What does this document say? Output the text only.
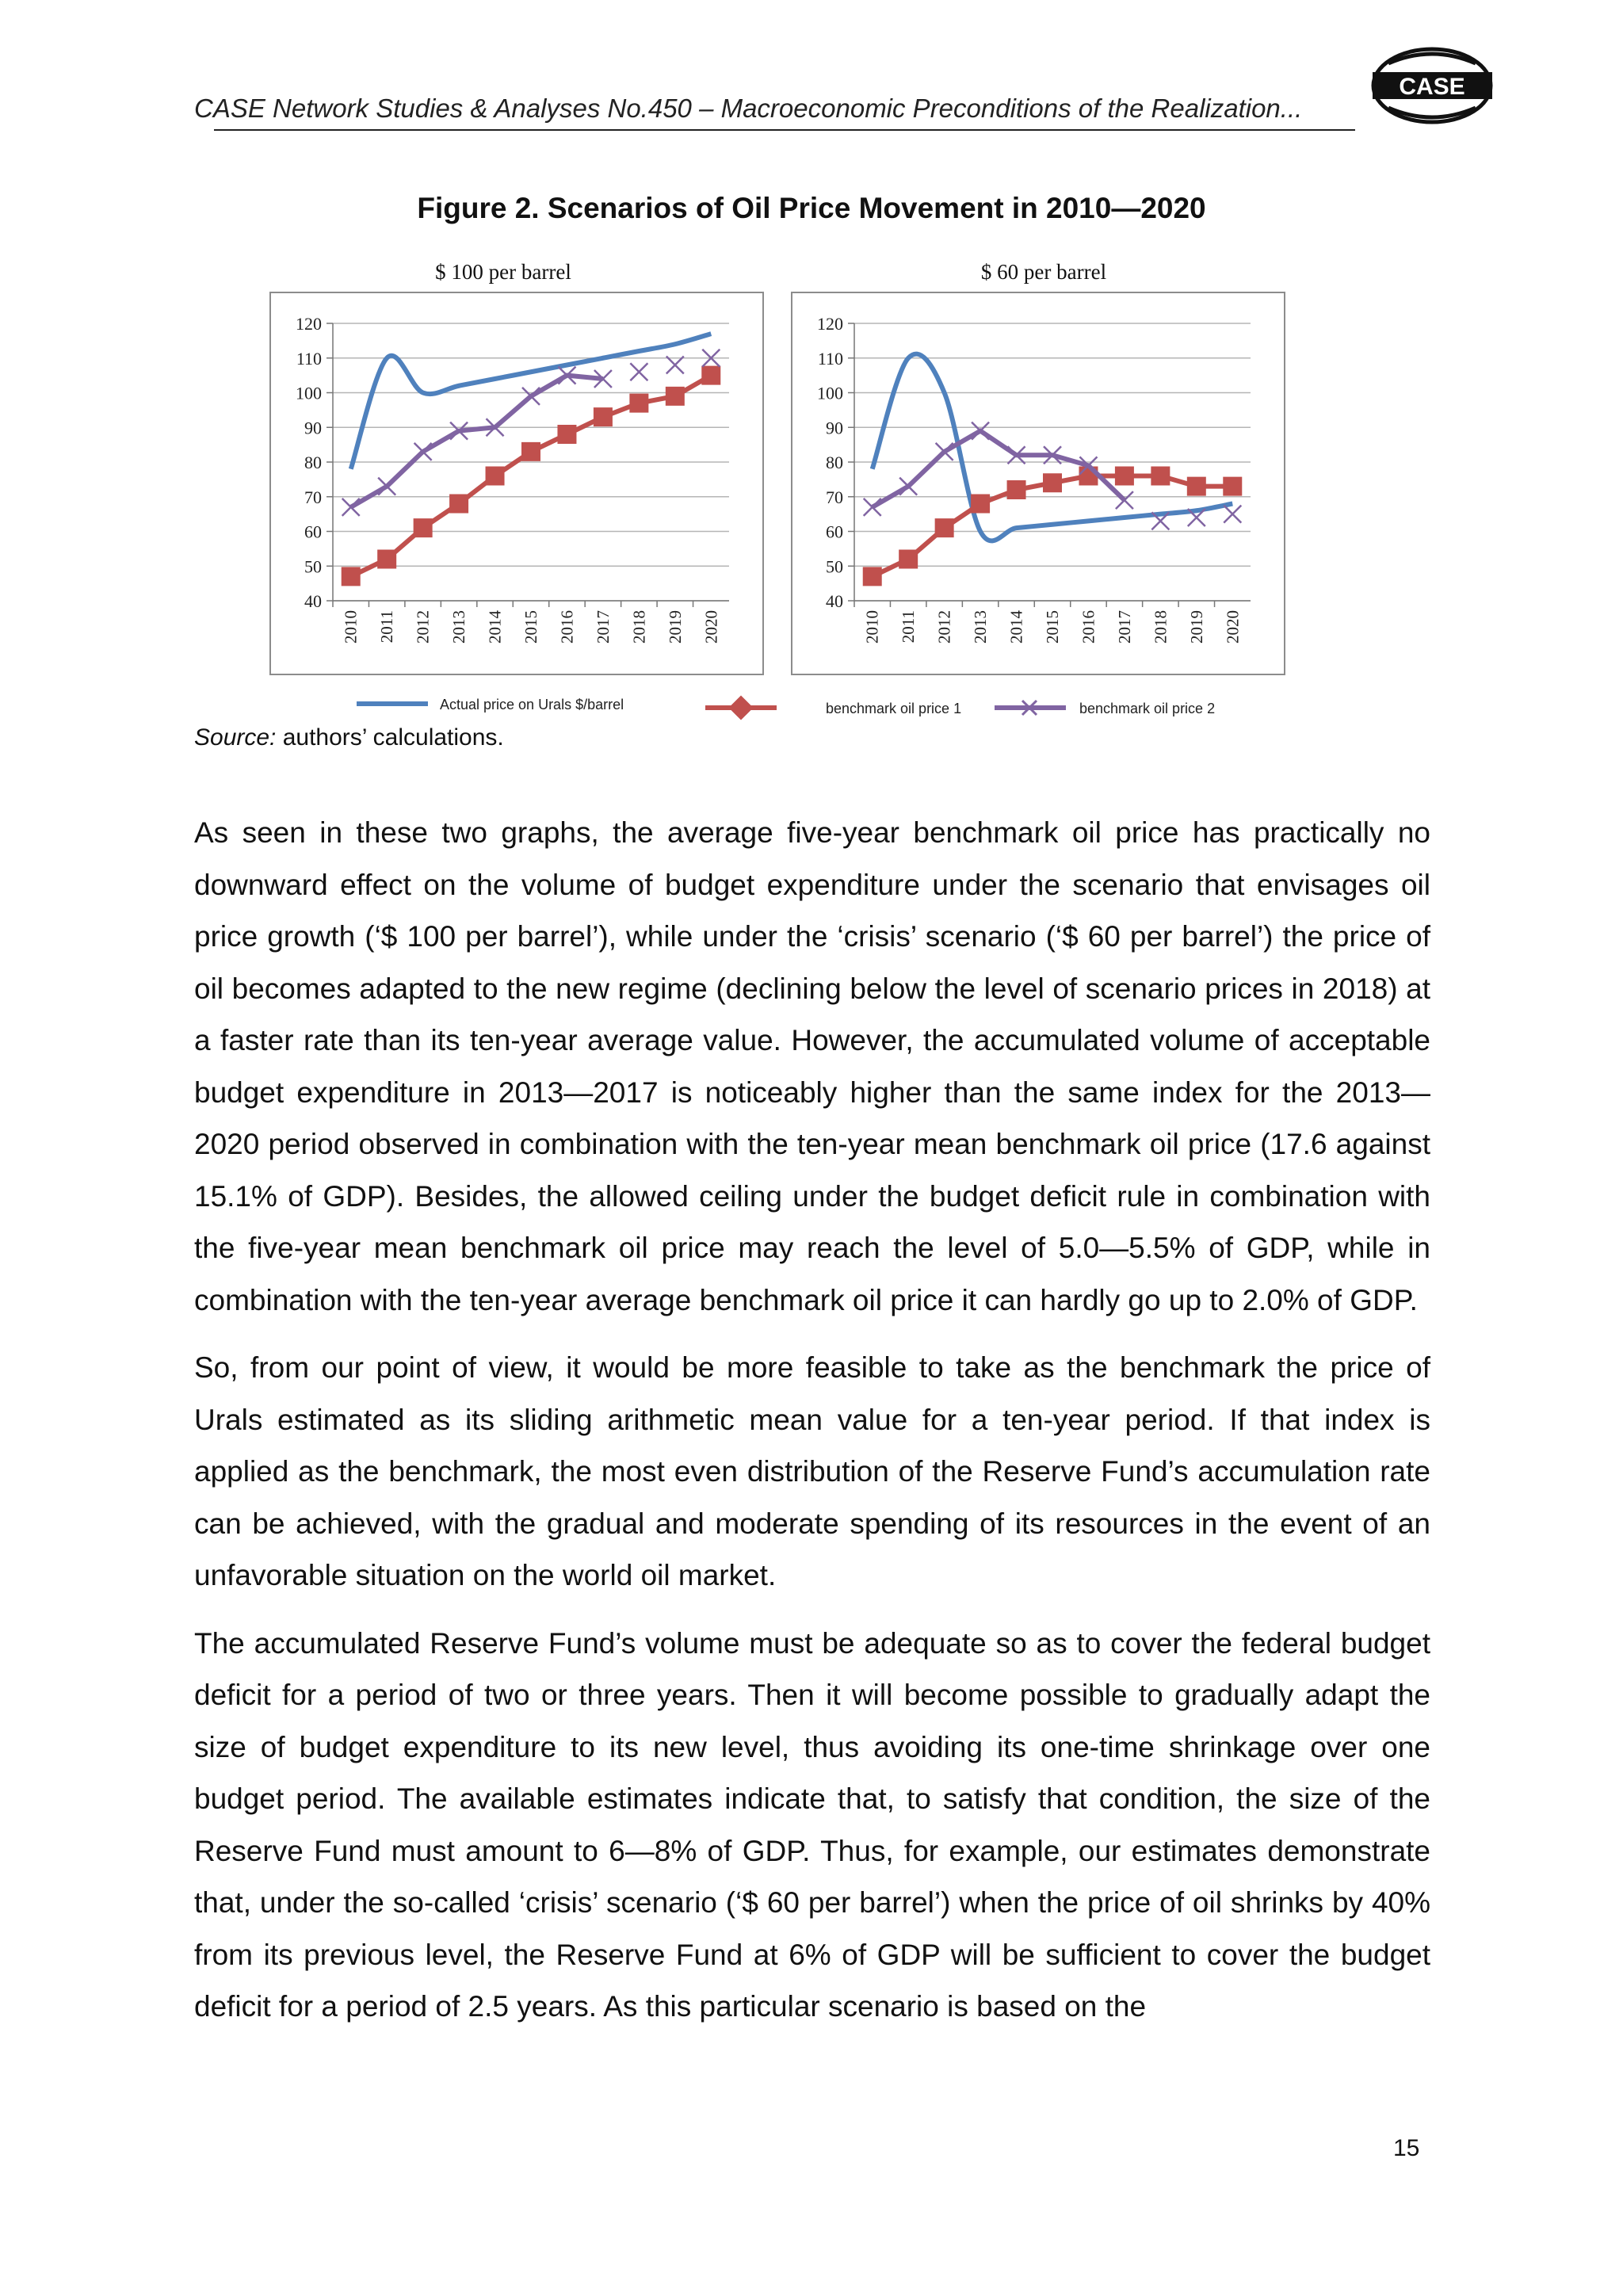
CASE Network Studies & Analyses No.450 – Macroeconomic Preconditions of the Realization...
CASE
Figure 2. Scenarios of Oil Price Movement in 2010—2020
$ 100 per barrel	$ 60 per barrel
40
50
60
70
80
90
100
110
120
2010 2011 2012 2013 2014 2015 2016 2017 2018 2019 2020
40
50
60
70
80
90
100
110
120
2010 2011 2012 2013 2014 2015 2016 2017 2018 2019 2020
Actual price on Urals $/barrel	benchmark oil price 1	benchmark oil price 2
Source: authors’ calculations.

As seen in these two graphs, the average five-year benchmark oil price has practically no downward effect on the volume of budget expenditure under the scenario that envisages oil price growth (‘$ 100 per barrel’), while under the ‘crisis’ scenario (‘$ 60 per barrel’) the price of oil becomes adapted to the new regime (declining below the level of scenario prices in 2018) at a faster rate than its ten-year average value. However, the accumulated volume of acceptable budget expenditure in 2013—2017 is noticeably higher than the same index for the 2013—2020 period observed in combination with the ten-year mean benchmark oil price (17.6 against 15.1% of GDP). Besides, the allowed ceiling under the budget deficit rule in combination with the five-year mean benchmark oil price may reach the level of 5.0—5.5% of GDP, while in combination with the ten-year average benchmark oil price it can hardly go up to 2.0% of GDP.

So, from our point of view, it would be more feasible to take as the benchmark the price of Urals estimated as its sliding arithmetic mean value for a ten-year period. If that index is applied as the benchmark, the most even distribution of the Reserve Fund’s accumulation rate can be achieved, with the gradual and moderate spending of its resources in the event of an unfavorable situation on the world oil market.

The accumulated Reserve Fund’s volume must be adequate so as to cover the federal budget deficit for a period of two or three years. Then it will become possible to gradually adapt the size of budget expenditure to its new level, thus avoiding its one-time shrinkage over one budget period. The available estimates indicate that, to satisfy that condition, the size of the Reserve Fund must amount to 6—8% of GDP. Thus, for example, our estimates demonstrate that, under the so-called ‘crisis’ scenario (‘$ 60 per barrel’) when the price of oil shrinks by 40% from its previous level, the Reserve Fund at 6% of GDP will be sufficient to cover the budget deficit for a period of 2.5 years. As this particular scenario is based on the

15
